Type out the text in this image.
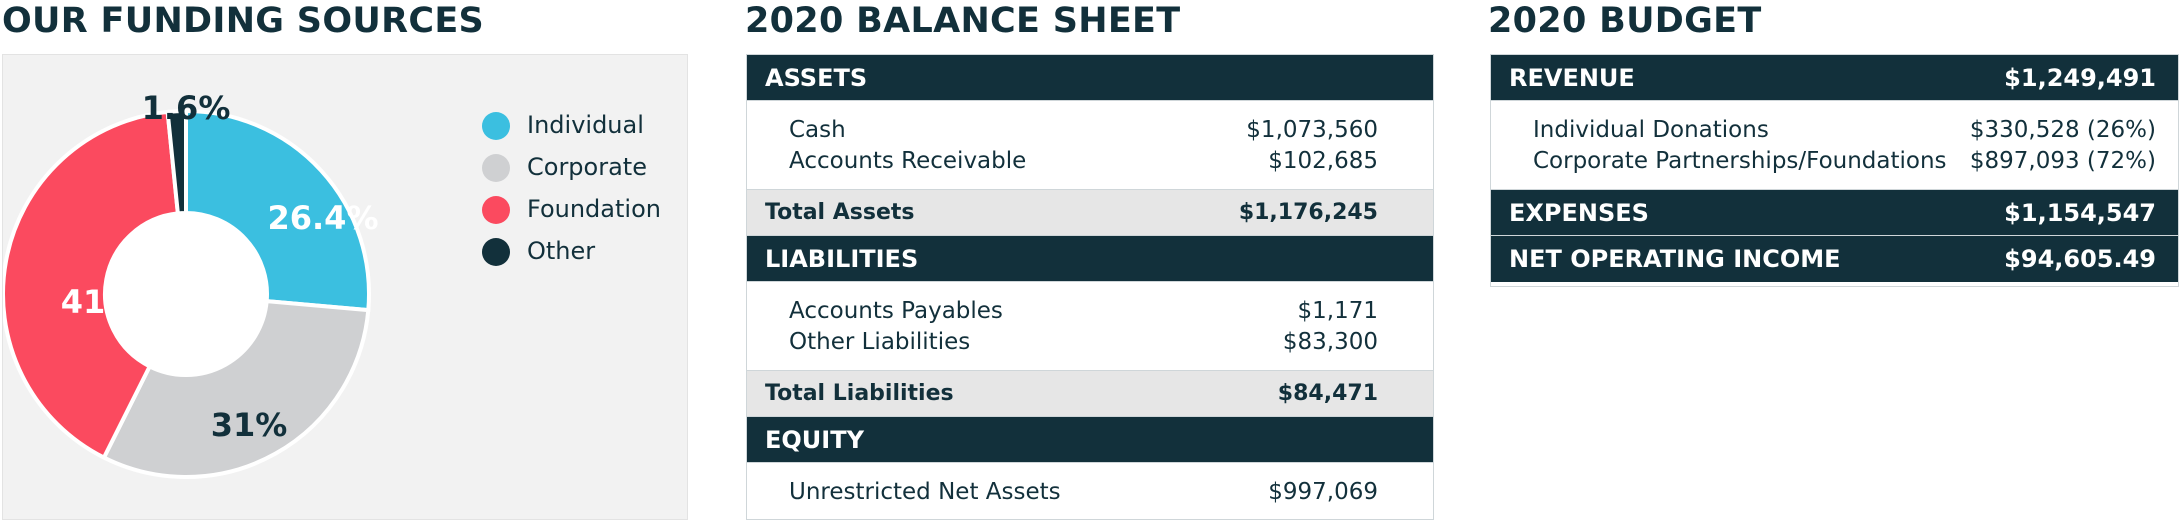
OUR FUNDING SOURCES	2020 BALANCE SHEET	2020 BUDGET
26.4%
31%
41%
1.6%	Individual
Corporate
Foundation
Other
ASSETS
Cash	$1,073,560
Accounts Receivable	$102,685
Total Assets	$1,176,245
LIABILITIES
Accounts Payables	$1,171
Other Liabilities	$83,300
Total Liabilities	$84,471
EQUITY
Unrestricted Net Assets	$997,069
REVENUE	$1,249,491
Individual Donations	$330,528 (26%)
Corporate Partnerships/Foundations $897,093 (72%)
EXPENSES	$1,154,547
NET OPERATING INCOME	$94,605.49
